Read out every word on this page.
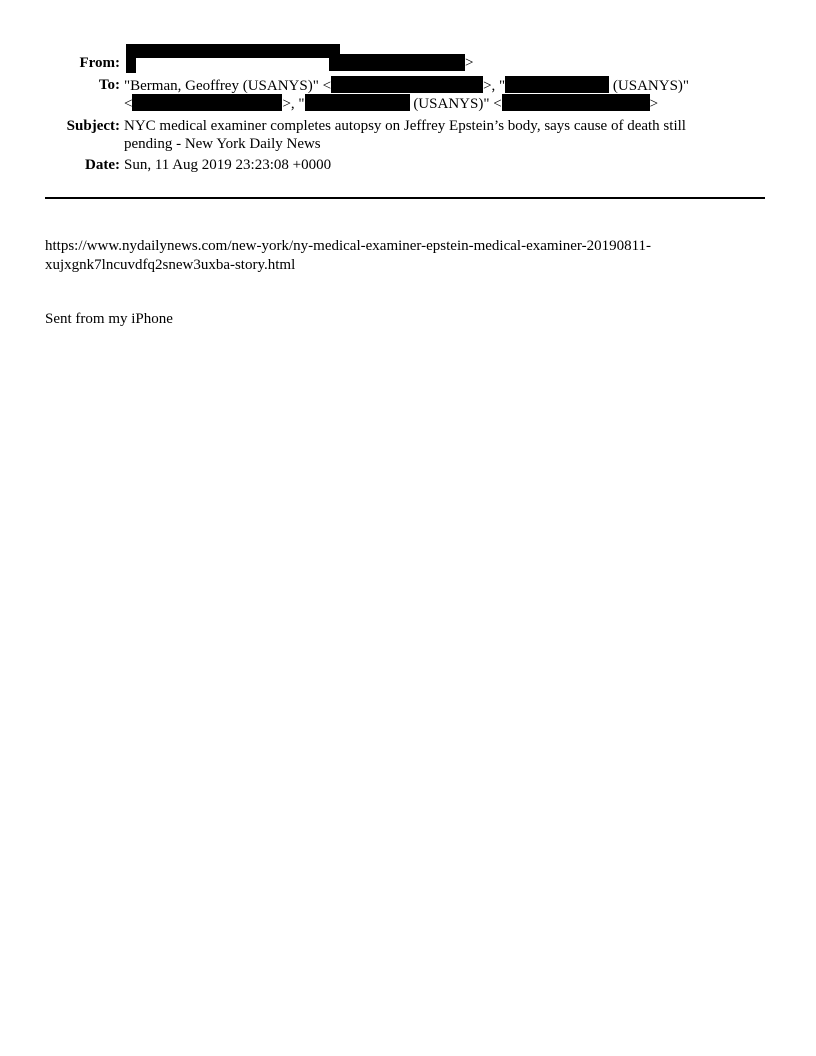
From:	>
To: "Berman, Geoffrey (USANYS)" <	>, "	(USANYS)"
<	>, "	(USANYS)" <	>
Subject: NYC medical examiner completes autopsy on Jeffrey Epstein’s body, says cause of death still
pending - New York Daily News
Date: Sun, 11 Aug 2019 23:23:08 +0000
https://www.nydailynews.com/new-york/ny-medical-examiner-epstein-medical-examiner-20190811-
xujxgnk7lncuvdfq2snew3uxba-story.html
Sent from my iPhone
